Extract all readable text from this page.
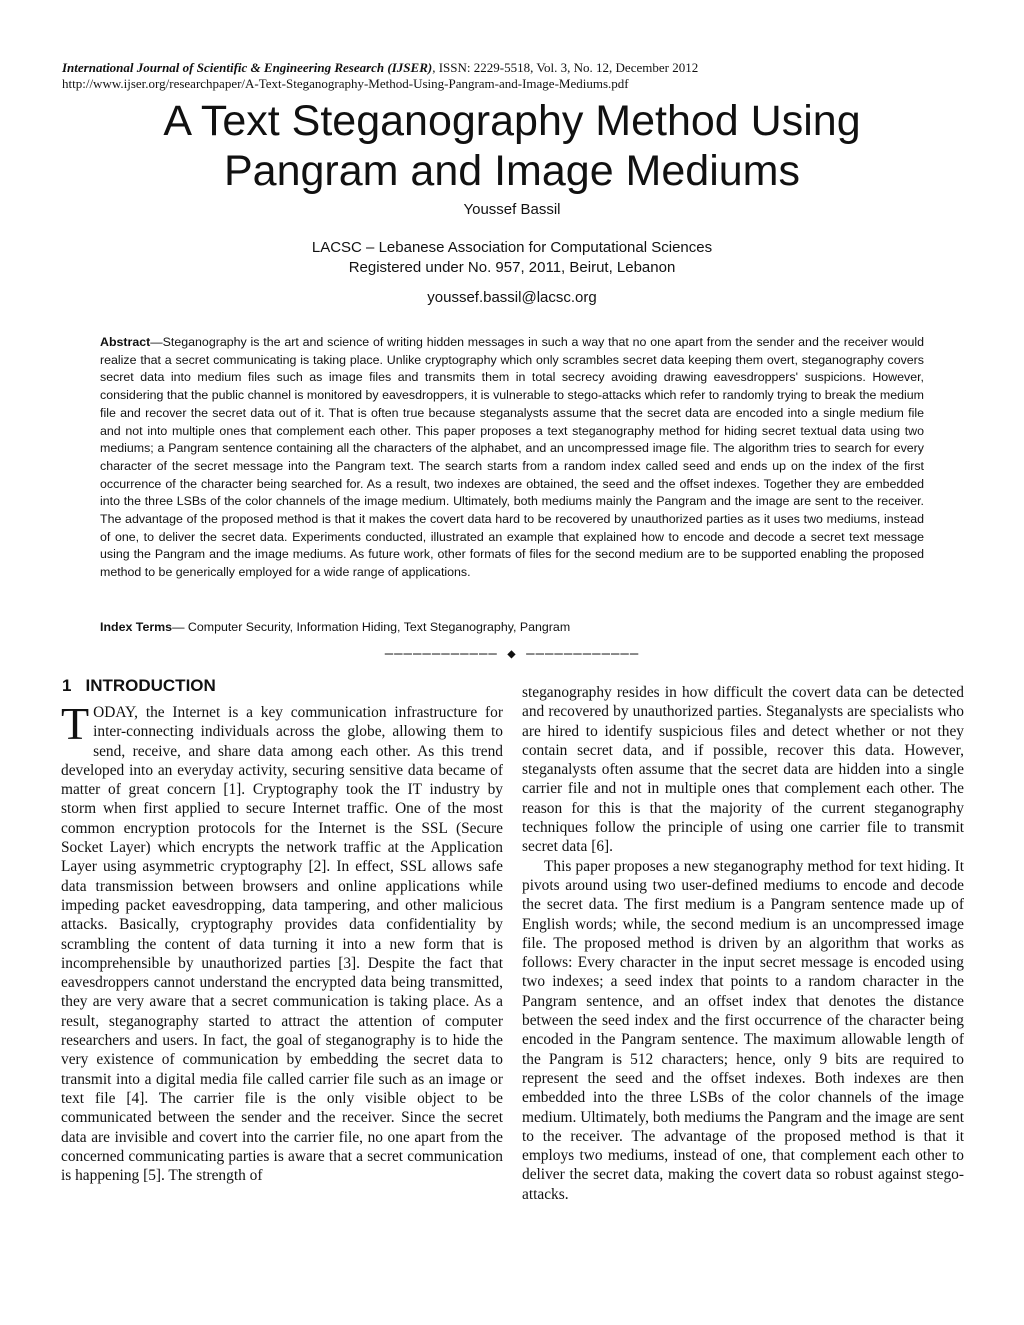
International Journal of Scientific & Engineering Research (IJSER), ISSN: 2229-5518, Vol. 3, No. 12, December 2012
http://www.ijser.org/researchpaper/A-Text-Steganography-Method-Using-Pangram-and-Image-Mediums.pdf
A Text Steganography Method Using
Pangram and Image Mediums
Youssef Bassil
LACSC – Lebanese Association for Computational Sciences
Registered under No. 957, 2011, Beirut, Lebanon
youssef.bassil@lacsc.org
Abstract—Steganography is the art and science of writing hidden messages in such a way that no one apart from the sender and the receiver would realize that a secret communicating is taking place. Unlike cryptography which only scrambles secret data keeping them overt, steganography covers secret data into medium files such as image files and transmits them in total secrecy avoiding drawing eavesdroppers' suspicions. However, considering that the public channel is monitored by eavesdroppers, it is vulnerable to stego-attacks which refer to randomly trying to break the medium file and recover the secret data out of it. That is often true because steganalysts assume that the secret data are encoded into a single medium file and not into multiple ones that complement each other. This paper proposes a text steganography method for hiding secret textual data using two mediums; a Pangram sentence containing all the characters of the alphabet, and an uncompressed image file. The algorithm tries to search for every character of the secret message into the Pangram text. The search starts from a random index called seed and ends up on the index of the first occurrence of the character being searched for. As a result, two indexes are obtained, the seed and the offset indexes. Together they are embedded into the three LSBs of the color channels of the image medium. Ultimately, both mediums mainly the Pangram and the image are sent to the receiver. The advantage of the proposed method is that it makes the covert data hard to be recovered by unauthorized parties as it uses two mediums, instead of one, to deliver the secret data. Experiments conducted, illustrated an example that explained how to encode and decode a secret text message using the Pangram and the image mediums. As future work, other formats of files for the second medium are to be supported enabling the proposed method to be generically employed for a wide range of applications.
Index Terms— Computer Security, Information Hiding, Text Steganography, Pangram
———————————— ◆ ————————————
1 INTRODUCTION

TODAY, the Internet is a key communication infrastructure for inter-connecting individuals across the globe, allowing them to send, receive, and share data among each other. As this trend developed into an everyday activity, securing sensitive data became of matter of great concern [1]. Cryptography took the IT industry by storm when first applied to secure Internet traffic. One of the most common encryption protocols for the Internet is the SSL (Secure Socket Layer) which encrypts the network traffic at the Application Layer using asymmetric cryptography [2]. In effect, SSL allows safe data transmission between browsers and online applications while impeding packet eavesdropping, data tampering, and other malicious attacks. Basically, cryptography provides data confidentiality by scrambling the content of data turning it into a new form that is incomprehensible by unauthorized parties [3]. Despite the fact that eavesdroppers cannot understand the encrypted data being transmitted, they are very aware that a secret communication is taking place. As a result, steganography started to attract the attention of computer researchers and users. In fact, the goal of steganography is to hide the very existence of communication by embedding the secret data to transmit into a digital media file called carrier file such as an image or text file [4]. The carrier file is the only visible object to be communicated between the sender and the receiver. Since the secret data are invisible and covert into the carrier file, no one apart from the concerned communicating parties is aware that a secret communication is happening [5]. The strength of

steganography resides in how difficult the covert data can be detected and recovered by unauthorized parties. Steganalysts are specialists who are hired to identify suspicious files and detect whether or not they contain secret data, and if possible, recover this data. However, steganalysts often assume that the secret data are hidden into a single carrier file and not in multiple ones that complement each other. The reason for this is that the majority of the current steganography techniques follow the principle of using one carrier file to transmit secret data [6].

This paper proposes a new steganography method for text hiding. It pivots around using two user-defined mediums to encode and decode the secret data. The first medium is a Pangram sentence made up of English words; while, the second medium is an uncompressed image file. The proposed method is driven by an algorithm that works as follows: Every character in the input secret message is encoded using two indexes; a seed index that points to a random character in the Pangram sentence, and an offset index that denotes the distance between the seed index and the first occurrence of the character being encoded in the Pangram sentence. The maximum allowable length of the Pangram is 512 characters; hence, only 9 bits are required to represent the seed and the offset indexes. Both indexes are then embedded into the three LSBs of the color channels of the image medium. Ultimately, both mediums the Pangram and the image are sent to the receiver. The advantage of the proposed method is that it employs two mediums, instead of one, that complement each other to deliver the secret data, making the covert data so robust against stego-attacks.
